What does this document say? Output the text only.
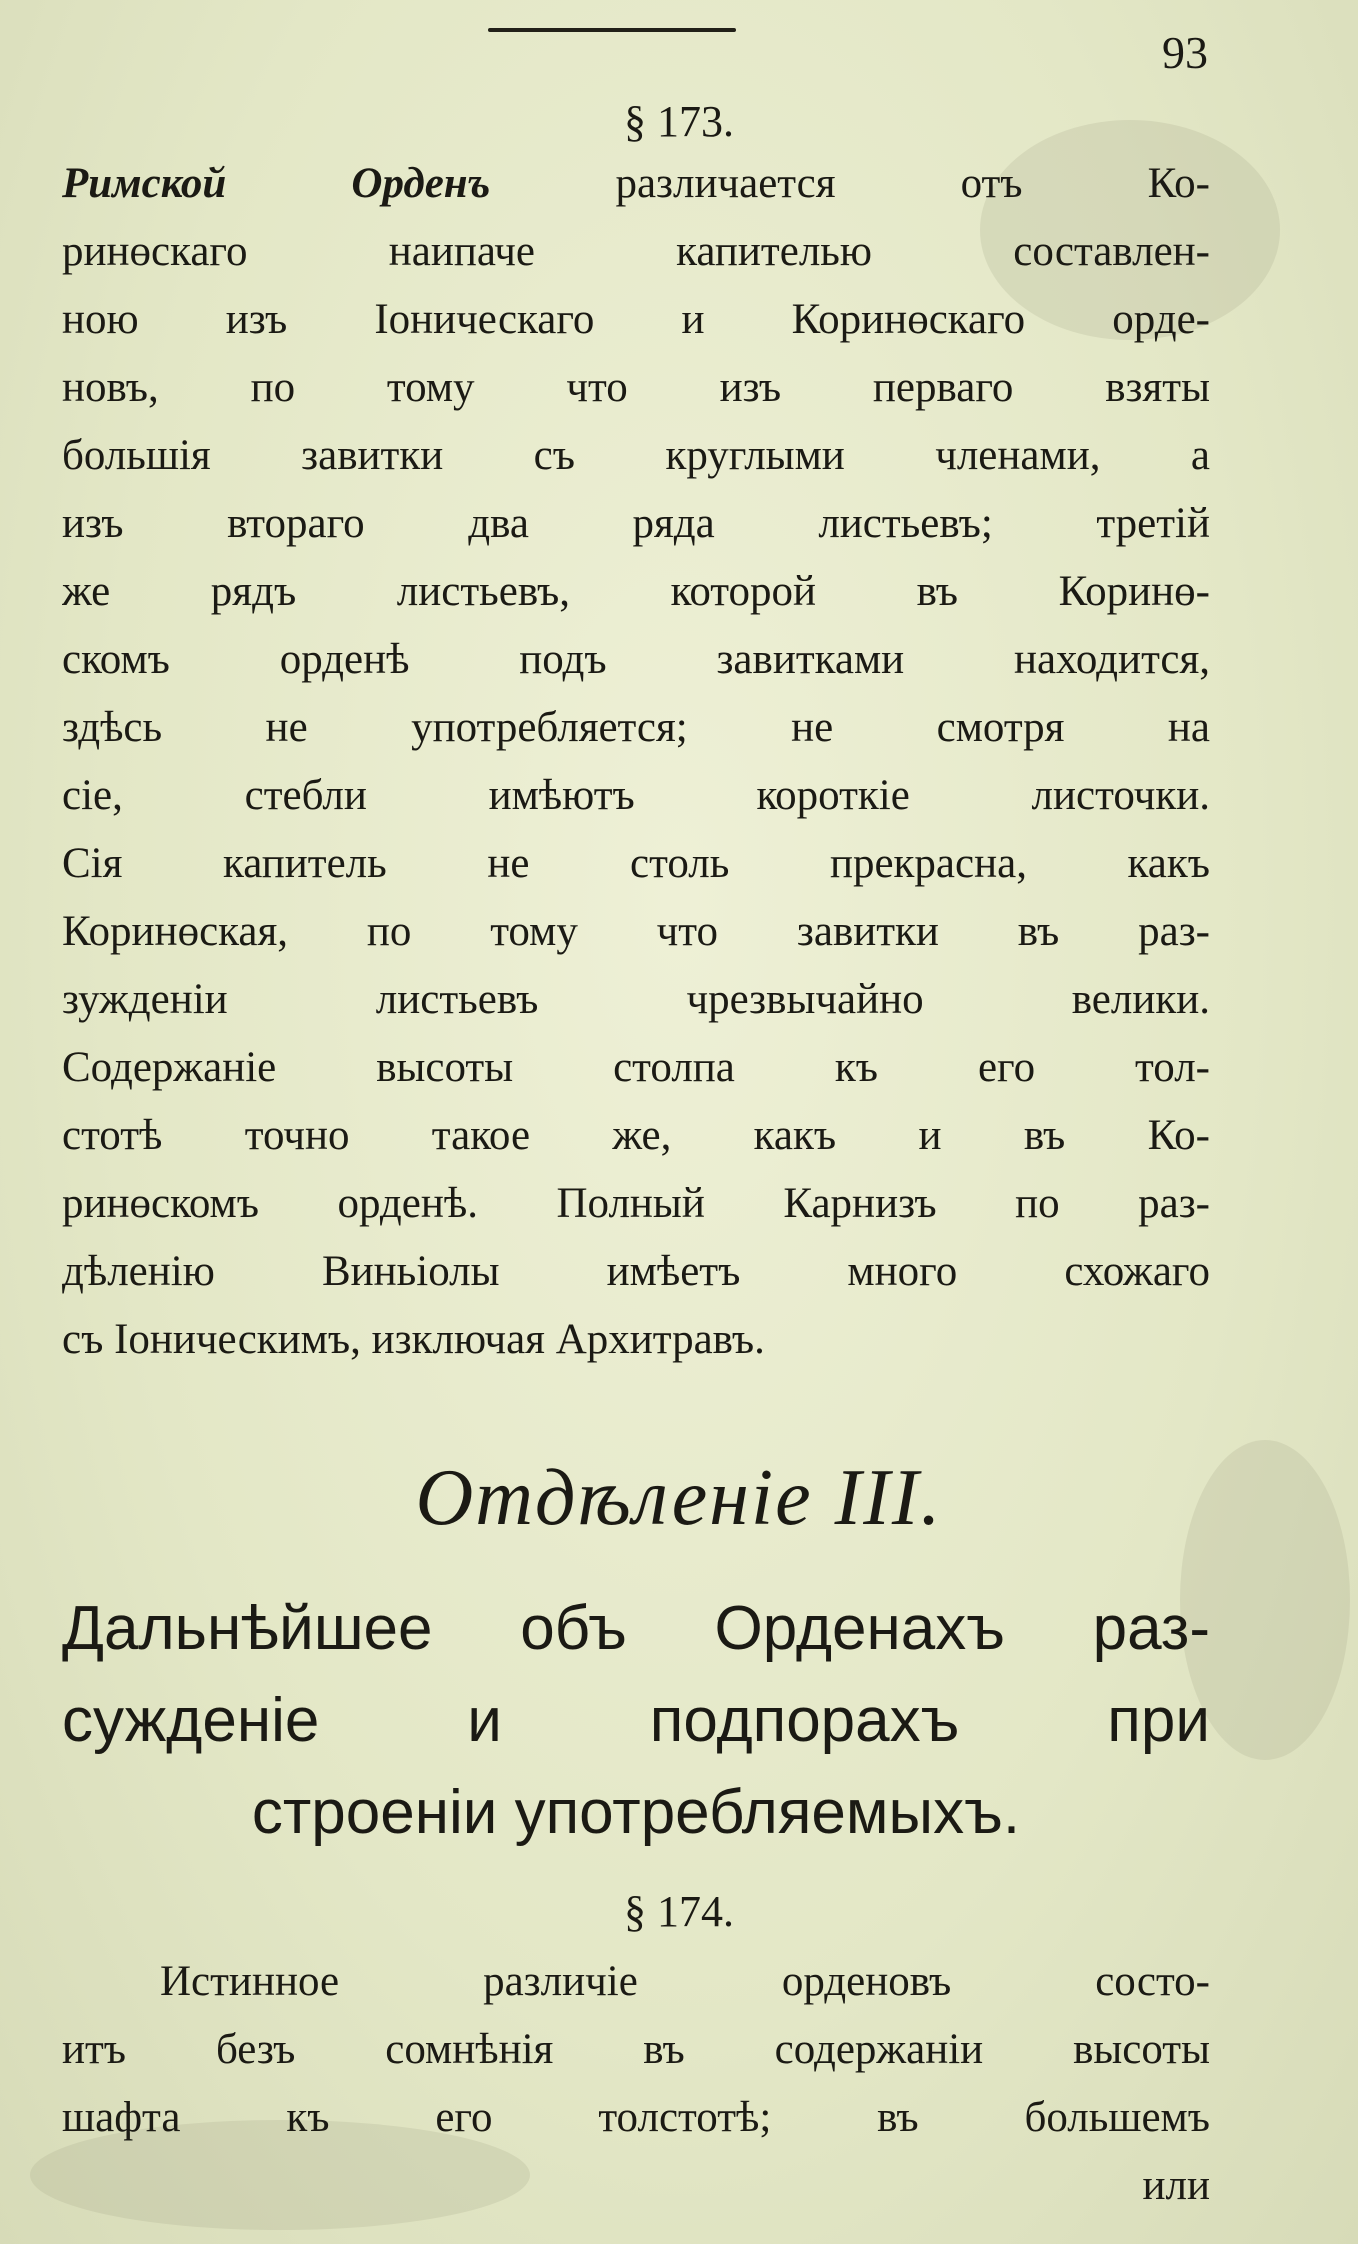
93
§ 173.
Римской Орденъ	различается отъ Ко-
ринөскаго наипаче капителью составлен-
ною изъ Іоническаго и Коринөскаго орде-
новъ, по тому что изъ перваго взяты
большія завитки съ круглыми членами, а
изъ втораго два ряда листьевъ; третій
же рядъ листьевъ, которой въ Коринө-
скомъ орденѣ подъ завитками находится,
здѣсь не употребляется; не смотря на
сіе, стебли имѣютъ короткіе листочки.
Сія капитель не столь прекрасна, какъ
Коринөская, по тому что завитки въ раз-
зужденіи листьевъ чрезвычайно велики.
Содержаніе высоты столпа къ его тол-
стотѣ точно такое же, какъ и въ Ко-
ринөскомъ орденѣ. Полный Карнизъ по раз-
дѣленію Виньiолы имѣетъ много схожаго
съ Іоническимъ, изключая Архитравъ.
Отдѣленіе III.
Дальнѣйшее объ Орденахъ раз-
сужденіе и подпорахъ при
строеніи употребляемыхъ.
§ 174.
Истинное различіе орденовъ состо-
итъ безъ сомнѣнія въ содержаніи высоты
шафта къ его толстотѣ; въ большемъ
или
